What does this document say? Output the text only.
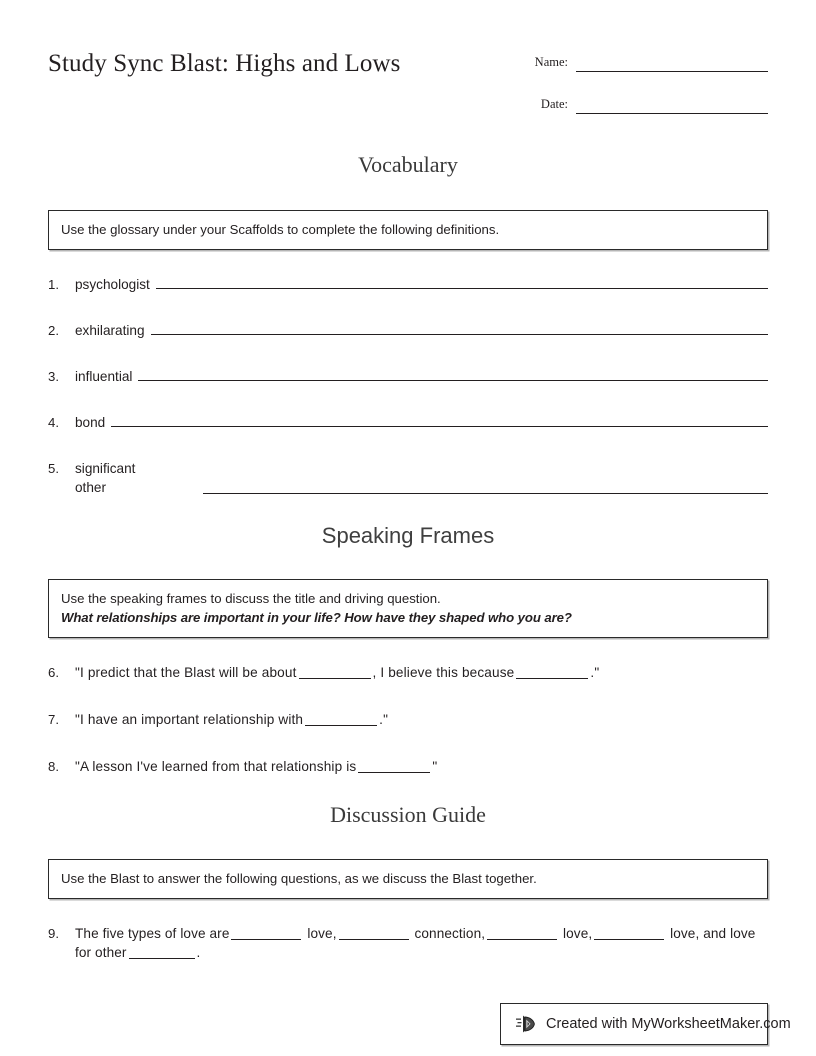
Study Sync Blast: Highs and Lows	Name:
Date:
Vocabulary
Use the glossary under your Scaffolds to complete the following definitions.
1.	psychologist
2.	exhilarating
3.	influential
4.	bond
5.	significant
other
Speaking Frames
Use the speaking frames to discuss the title and driving question.
What relationships are important in your life? How have they shaped who you are?
6.	"I predict that the Blast will be about	, I believe this because	."
7.	"I have an important relationship with	."
8.	"A lesson I've learned from that relationship is	"
Discussion Guide
Use the Blast to answer the following questions, as we discuss the Blast together.
9.	The five types of love are	love,	connection,	love,	love, and love for other	.
Created with MyWorksheetMaker.com
